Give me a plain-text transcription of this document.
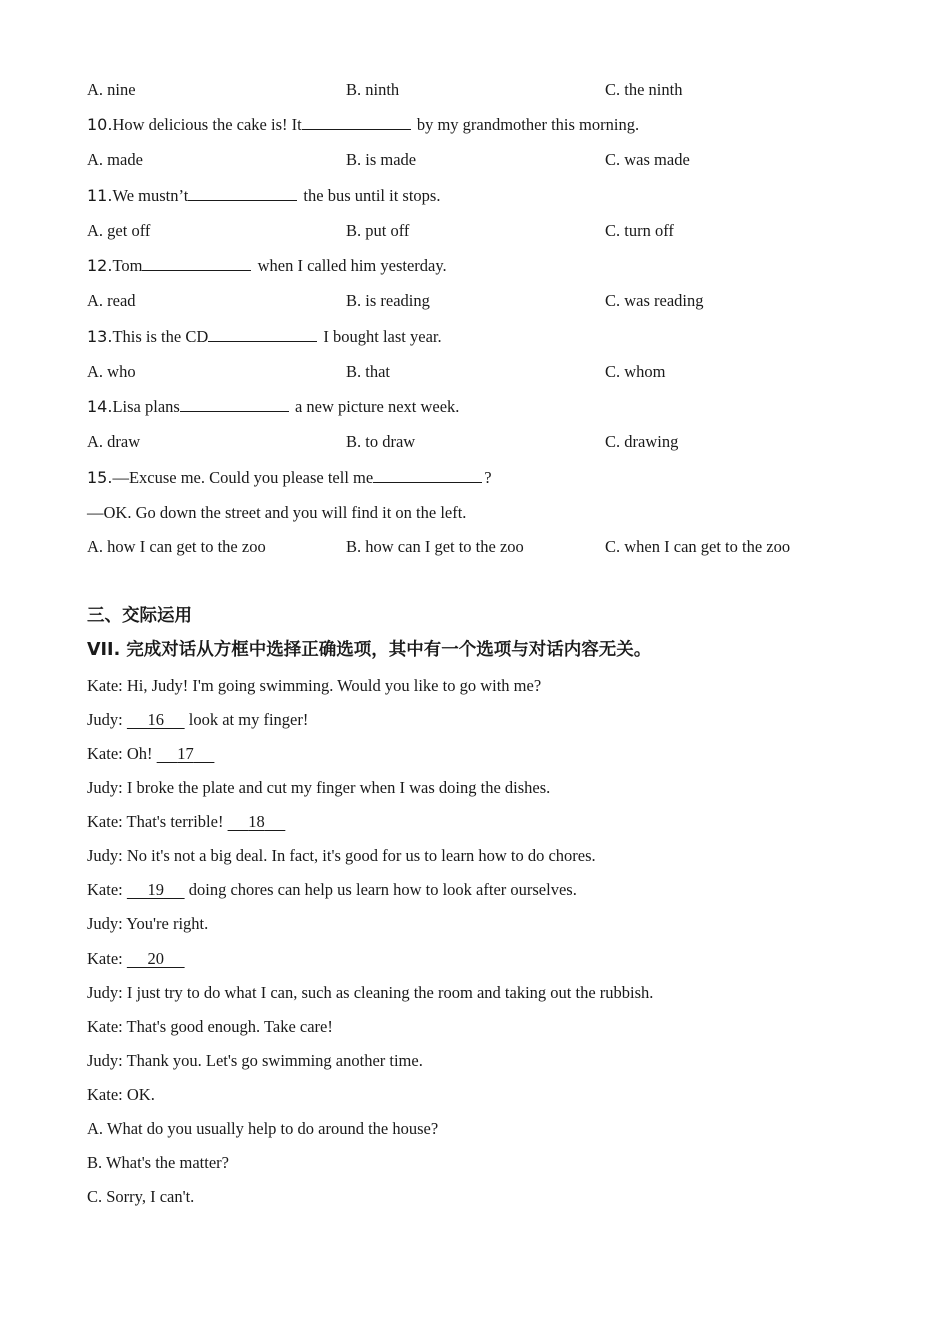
A. nine	B. ninth	C. the ninth
10.How delicious the cake is! It	by my grandmother this morning.
A. made	B. is made	C. was made
11.We mustn’t	the bus until it stops.
A. get off	B. put off	C. turn off
12.Tom	when I called him yesterday.
A. read	B. is reading	C. was reading
13.This is the CD	I bought last year.
A. who	B. that	C. whom
14.Lisa plans	a new picture next week.
A. draw	B. to draw	C. drawing
15.—Excuse me. Could you please tell me	?
—OK. Go down the street and you will find it on the left.
A. how I can get to the zoo	B. how can I get to the zoo	C. when I can get to the zoo
三、交际运用
VII. 完成对话从方框中选择正确选项，其中有一个选项与对话内容无关。
Kate: Hi, Judy! I'm going swimming. Would you like to go with me?
Judy:      16      look at my finger!
Kate: Oh!      17
Judy: I broke the plate and cut my finger when I was doing the dishes.
Kate: That's terrible!      18
Judy: No it's not a big deal. In fact, it's good for us to learn how to do chores.
Kate:      19      doing chores can help us learn how to look after ourselves.
Judy: You're right.
Kate:      20
Judy: I just try to do what I can, such as cleaning the room and taking out the rubbish.
Kate: That's good enough. Take care!
Judy: Thank you. Let's go swimming another time.
Kate: OK.
A. What do you usually help to do around the house?
B. What's the matter?
C. Sorry, I can't.
